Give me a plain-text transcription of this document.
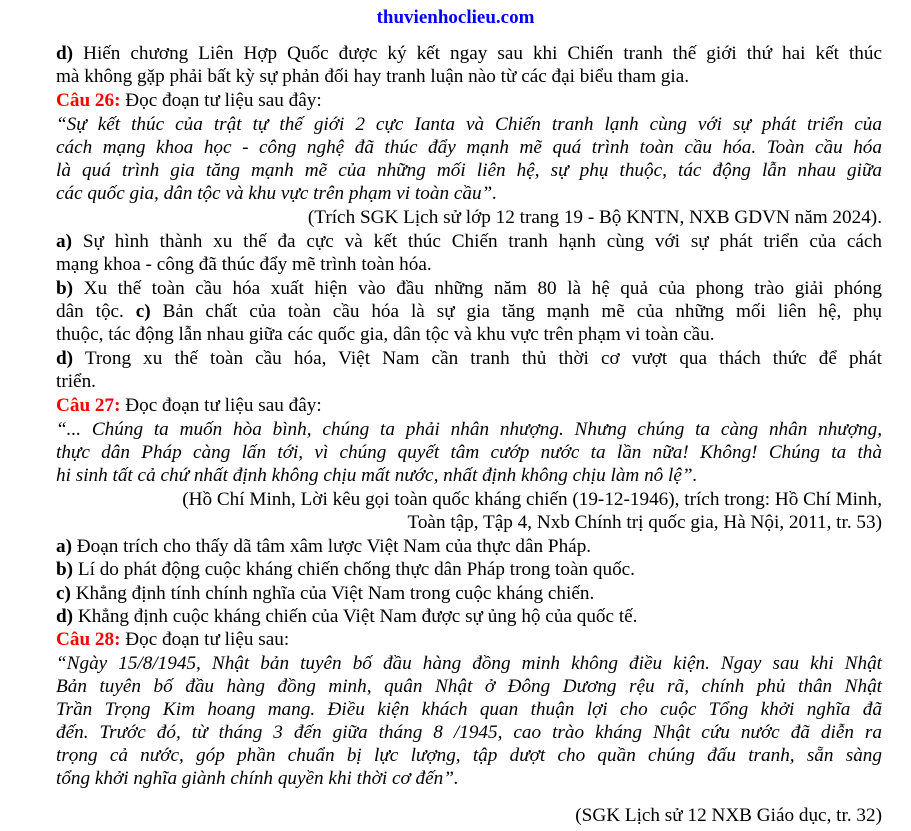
thuvienhoclieu.com
d) Hiến chương Liên Hợp Quốc được ký kết ngay sau khi Chiến tranh thế giới thứ hai kết thúc
mà không gặp phải bất kỳ sự phản đối hay tranh luận nào từ các đại biểu tham gia.
Câu 26: Đọc đoạn tư liệu sau đây:
“Sự kết thúc của trật tự thế giới 2 cực Ianta và Chiến tranh lạnh cùng với sự phát triển của
cách mạng khoa học - công nghệ đã thúc đẩy mạnh mẽ quá trình toàn cầu hóa. Toàn cầu hóa
là quá trình gia tăng mạnh mẽ của những mối liên hệ, sự phụ thuộc, tác động lẫn nhau giữa
các quốc gia, dân tộc và khu vực trên phạm vi toàn cầu”.
(Trích SGK Lịch sử lớp 12 trang 19 - Bộ KNTN, NXB GDVN năm 2024).
a) Sự hình thành xu thế đa cực và kết thúc Chiến tranh hạnh cùng với sự phát triển của cách
mạng khoa - công đã thúc đẩy mẽ trình toàn hóa.
b) Xu thế toàn cầu hóa xuất hiện vào đầu những năm 80 là hệ quả của phong trào giải phóng
dân tộc. c) Bản chất của toàn cầu hóa là sự gia tăng mạnh mẽ của những mối liên hệ, phụ
thuộc, tác động lẫn nhau giữa các quốc gia, dân tộc và khu vực trên phạm vi toàn cầu.
d) Trong xu thế toàn cầu hóa, Việt Nam cần tranh thủ thời cơ vượt qua thách thức để phát
triển.
Câu 27: Đọc đoạn tư liệu sau đây:
“... Chúng ta muốn hòa bình, chúng ta phải nhân nhượng. Nhưng chúng ta càng nhân nhượng,
thực dân Pháp càng lấn tới, vì chúng quyết tâm cướp nước ta lần nữa! Không! Chúng ta thà
hi sinh tất cả chứ nhất định không chịu mất nước, nhất định không chịu làm nô lệ”.
(Hồ Chí Minh, Lời kêu gọi toàn quốc kháng chiến (19-12-1946), trích trong: Hồ Chí Minh,
Toàn tập, Tập 4, Nxb Chính trị quốc gia, Hà Nội, 2011, tr. 53)
a) Đoạn trích cho thấy dã tâm xâm lược Việt Nam của thực dân Pháp.
b) Lí do phát động cuộc kháng chiến chống thực dân Pháp trong toàn quốc.
c) Khẳng định tính chính nghĩa của Việt Nam trong cuộc kháng chiến.
d) Khẳng định cuộc kháng chiến của Việt Nam được sự ủng hộ của quốc tế.
Câu 28: Đọc đoạn tư liệu sau:
“Ngày 15/8/1945, Nhật bản tuyên bố đầu hàng đồng minh không điều kiện. Ngay sau khi Nhật
Bản tuyên bố đầu hàng đồng minh, quân Nhật ở Đông Dương rệu rã, chính phủ thân Nhật
Trần Trọng Kim hoang mang. Điều kiện khách quan thuận lợi cho cuộc Tổng khởi nghĩa đã
đến. Trước đó, từ tháng 3 đến giữa tháng 8 /1945, cao trào kháng Nhật cứu nước đã diễn ra
trọng cả nước, góp phần chuẩn bị lực lượng, tập dượt cho quần chúng đấu tranh, sẵn sàng
tổng khởi nghĩa giành chính quyền khi thời cơ đến”.
(SGK Lịch sử 12 NXB Giáo dục, tr. 32)
